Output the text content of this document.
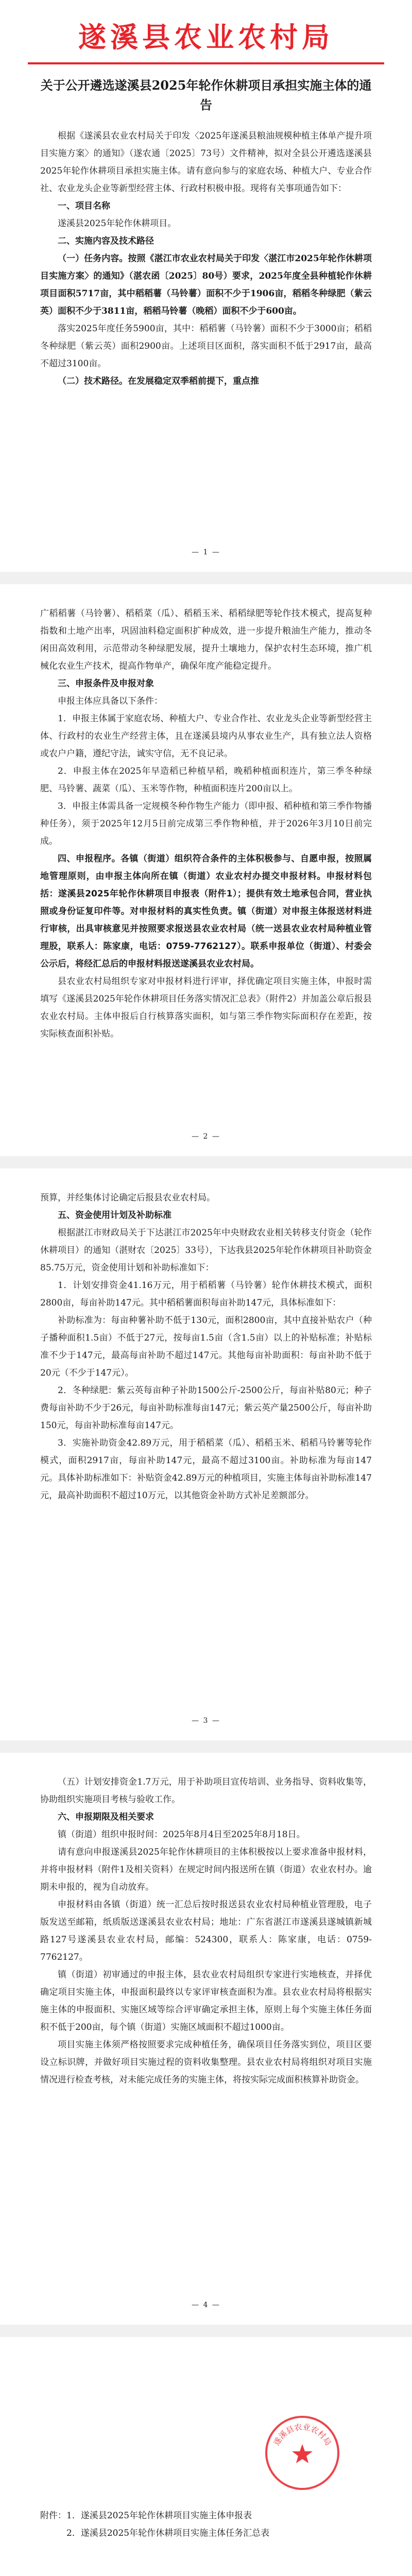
遂溪县农业农村局
关于公开遴选遂溪县2025年轮作休耕项目承担实施主体的通告

根据《遂溪县农业农村局关于印发〈2025年遂溪县粮油规模种植主体单产提升项目实施方案〉的通知》（遂农通〔2025〕73号）文件精神，拟对全县公开遴选遂溪县2025年轮作休耕项目承担实施主体。请有意向参与的家庭农场、种植大户、专业合作社、农业龙头企业等新型经营主体、行政村积极申报。现将有关事项通告如下：

一、项目名称

遂溪县2025年轮作休耕项目。

二、实施内容及技术路径

（一）任务内容。按照《湛江市农业农村局关于印发〈湛江市2025年轮作休耕项目实施方案〉的通知》（湛农函〔2025〕80号）要求，2025年度全县种植轮作休耕项目面积5717亩，其中稻稻薯（马铃薯）面积不少于1906亩，稻稻冬种绿肥（紫云英）面积不少于3811亩，稻稻马铃薯（晚稻）面积不少于600亩。

落实2025年度任务5900亩，其中：稻稻薯（马铃薯）面积不少于3000亩；稻稻冬种绿肥（紫云英）面积2900亩。上述项目区面积，落实面积不低于2917亩，最高不超过3100亩。

（二）技术路径。在发展稳定双季稻前提下，重点推

— 1 —

广稻稻薯（马铃薯）、稻稻菜（瓜）、稻稻玉米、稻稻绿肥等轮作技术模式，提高复种指数和土地产出率，巩固油料稳定面积扩种成效，进一步提升粮油生产能力，推动冬闲田高效利用，示范带动冬种绿肥发展，提升土壤地力，保护农村生态环境，推广机械化农业生产技术，提高作物单产，确保年度产能稳定提升。

三、申报条件及申报对象

申报主体应具备以下条件：

1．申报主体属于家庭农场、种植大户、专业合作社、农业龙头企业等新型经营主体、行政村的农业生产经营主体，且在遂溪县境内从事农业生产，具有独立法人资格或农户户籍，遵纪守法，诚实守信，无不良记录。

2．申报主体在2025年早造稻已种植早稻，晚稻种植面积连片，第三季冬种绿肥、马铃薯、蔬菜（瓜）、玉米等作物，种植面积连片200亩以上。

3．申报主体需具备一定规模冬种作物生产能力（即申报、稻种植和第三季作物播种任务），须于2025年12月5日前完成第三季作物种植，并于2026年3月10日前完成。

四、申报程序。各镇（街道）组织符合条件的主体积极参与、自愿申报，按照属地管理原则，由申报主体向所在镇（街道）农业农村办提交申报材料。申报材料包括：遂溪县2025年轮作休耕项目申报表（附件1）；提供有效土地承包合同，营业执照或身份证复印件等。对申报材料的真实性负责。镇（街道）对申报主体报送材料进行审核，出具审核意见并按照要求报送县农业农村局（统一送县农业农村局种植业管理股，联系人：陈家康，电话：0759-7762127）。联系申报单位（街道）、村委会公示后，将经汇总后的申报材料报送遂溪县农业农村局。

县农业农村局组织专家对申报材料进行评审，择优确定项目实施主体，申报时需填写《遂溪县2025年轮作休耕项目任务落实情况汇总表》（附件2）并加盖公章后报县农业农村局。主体申报后自行核算落实面积，如与第三季作物实际面积存在差距，按实际核查面积补贴。

— 2 —

预算，并经集体讨论确定后报县农业农村局。

五、资金使用计划及补助标准

根据湛江市财政局关于下达湛江市2025年中央财政农业相关转移支付资金（轮作休耕项目）的通知（湛财农〔2025〕33号），下达我县2025年轮作休耕项目补助资金85.75万元，资金使用计划和补助标准如下：

1．计划安排资金41.16万元，用于稻稻薯（马铃薯）轮作休耕技术模式，面积2800亩，每亩补助147元。其中稻稻薯面积每亩补助147元，具体标准如下：

补助标准为：每亩种薯补助不低于130元，面积2800亩，其中直接补贴农户（种子播种面积1.5亩）不低于27元，按每亩1.5亩（含1.5亩）以上的补贴标准；补贴标准不少于147元，最高每亩补助不超过147元。其他每亩补助面积：每亩补助不低于20元（不少于147元）。

2．冬种绿肥：紫云英每亩种子补助1500公斤-2500公斤，每亩补贴80元；种子费每亩补助不少于26元，每亩补助标准每亩147元；紫云英产量2500公斤，每亩补助150元，每亩补助标准每亩147元。

3．实施补助资金42.89万元，用于稻稻菜（瓜）、稻稻玉米、稻稻马铃薯等轮作模式，面积2917亩，每亩补助147元，最高不超过3100亩。补助标准为每亩147元。具体补助标准如下：补贴资金42.89万元的种植项目，实施主体每亩补助标准147元，最高补助面积不超过10万元，以其他资金补助方式补足差额部分。

— 3 —

（五）计划安排资金1.7万元，用于补助项目宣传培训、业务指导、资料收集等，协助组织实施项目考核与验收工作。

六、申报期限及相关要求

镇（街道）组织申报时间：2025年8月4日至2025年8月18日。

请有意向申报遂溪县2025年轮作休耕项目的主体积极按以上要求准备申报材料，并将申报材料（附件1及相关资料）在规定时间内报送所在镇（街道）农业农村办。逾期未申报的，视为自动放弃。

申报材料由各镇（街道）统一汇总后按时报送县农业农村局种植业管理股，电子版发送至邮箱，纸质版送遂溪县农业农村局；地址：广东省湛江市遂溪县遂城镇新城路127号遂溪县农业农村局，邮编：524300，联系人：陈家康，电话：0759-7762127。

镇（街道）初审通过的申报主体，县农业农村局组织专家进行实地核查，并择优确定项目实施主体，申报面积最终以专家评审核查面积为准。县农业农村局将根据实施主体的申报面积、实施区域等综合评审确定承担主体，原则上每个实施主体任务面积不低于200亩，每个镇（街道）实施区域面积不超过1000亩。

项目实施主体须严格按照要求完成种植任务，确保项目任务落实到位，项目区要设立标识牌，并做好项目实施过程的资料收集整理。县农业农村局将组织对项目实施情况进行检查考核，对未能完成任务的实施主体，将按实际完成面积核算补助资金。

— 4 —
遂溪县农业农村局

附件：1．遂溪县2025年轮作休耕项目实施主体申报表

　　　2．遂溪县2025年轮作休耕项目实施主体任务汇总表
